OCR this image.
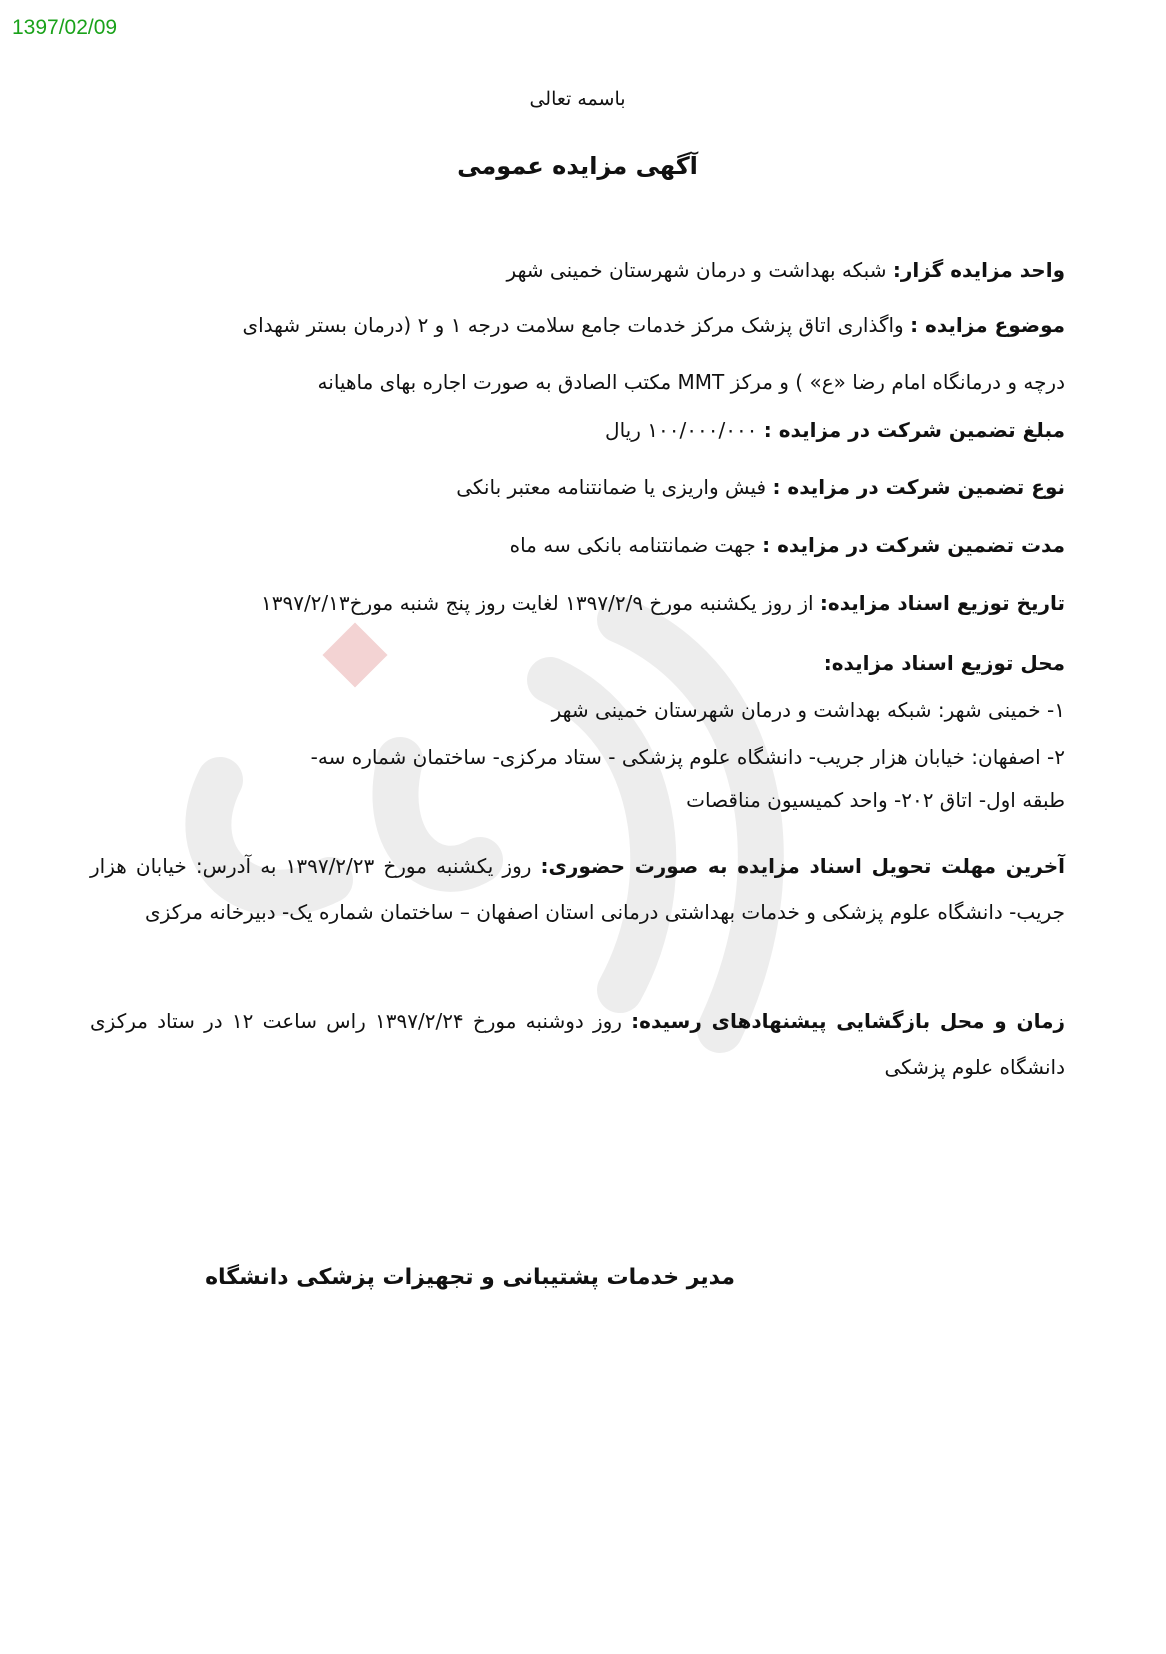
1397/02/09
باسمه تعالی
آگهی مزایده عمومی
واحد مزایده گزار: شبکه بهداشت و درمان شهرستان خمینی شهر
موضوع مزایده : واگذاری اتاق پزشک مرکز خدمات جامع سلامت درجه ۱ و ۲ (درمان بستر شهدای
درچه و درمانگاه امام رضا «ع» ) و مرکز MMT مکتب الصادق به صورت اجاره بهای ماهیانه
مبلغ تضمین شرکت در مزایده : ۱۰۰/۰۰۰/۰۰۰ ریال
نوع تضمین شرکت در مزایده : فیش واریزی یا ضمانتنامه معتبر بانکی
مدت تضمین شرکت در مزایده : جهت ضمانتنامه بانکی سه ماه
تاریخ توزیع اسناد مزایده: از روز یکشنبه مورخ ۱۳۹۷/۲/۹ لغایت روز پنج شنبه مورخ۱۳۹۷/۲/۱۳
محل توزیع اسناد مزایده:
۱- خمینی شهر: شبکه بهداشت و درمان شهرستان خمینی شهر
۲- اصفهان: خیابان هزار جریب- دانشگاه علوم پزشکی - ستاد مرکزی- ساختمان شماره سه-
طبقه اول- اتاق ۲۰۲- واحد کمیسیون مناقصات
آخرین مهلت تحویل اسناد مزایده به صورت حضوری: روز یکشنبه مورخ ۱۳۹۷/۲/۲۳ به آدرس: خیابان هزار جریب- دانشگاه علوم پزشکی و خدمات بهداشتی درمانی استان اصفهان – ساختمان شماره یک- دبیرخانه مرکزی
زمان و محل بازگشایی پیشنهادهای رسیده: روز دوشنبه مورخ ۱۳۹۷/۲/۲۴ راس ساعت ۱۲ در ستاد مرکزی دانشگاه علوم پزشکی
مدیر خدمات پشتیبانی و تجهیزات پزشکی دانشگاه
